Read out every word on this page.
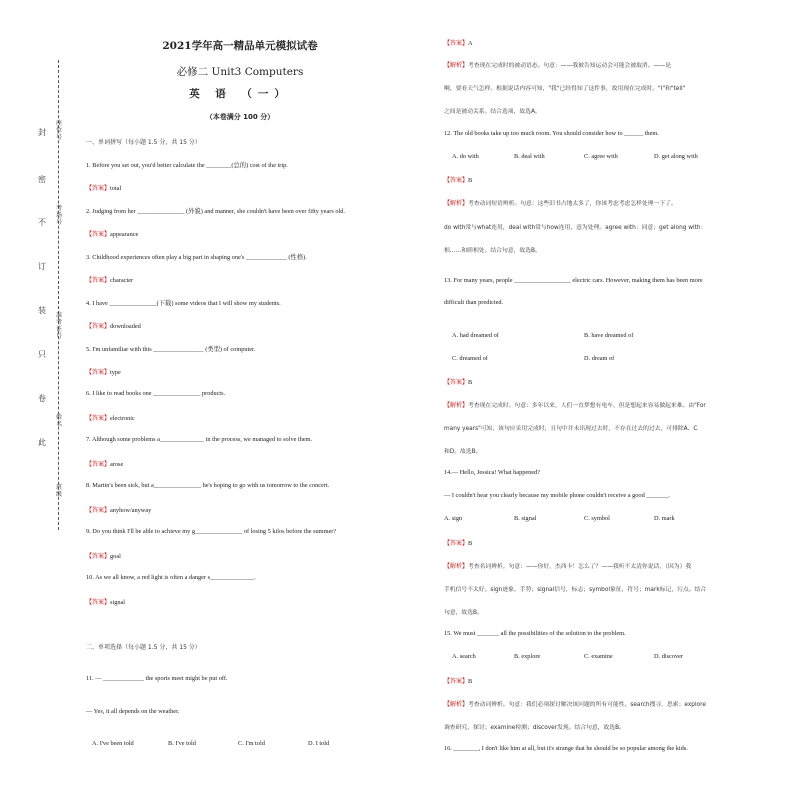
封
密
不
订
装
只
卷
此
座位号
考场号
准考证号
姓名
班级
2021学年高一精品单元模拟试卷
必修二 Unit3 Computers
英 语 （一）
（本卷满分 100 分）
一、单词拼写（每小题 1.5 分，共 15 分）
1. Before you set out, you'd better calculate the ________(总的) cost of the trip.
【答案】total
2. Judging from her _______________ (外貌) and manner, she couldn't have been over fifty years old.
【答案】appearance
3. Childhood experiences often play a big part in shaping one's _____________ (性格).
【答案】character
4. I have _______________(下载) some videos that I will show my students.
【答案】downloaded
5. I'm unfamiliar with this ________________ (类型) of computer.
【答案】type
6. I like to read books one _______________ products.
【答案】electronic
7. Although some problems a______________ in the process, we managed to solve them.
【答案】arose
8. Martin's been sick, but a_______________ he's hoping to go with us tomorrow to the concert.
【答案】anyhow/anyway
9. Do you think I'll be able to achieve my g_______________ of losing 5 kilos before the summer?
【答案】goal
10. As we all know, a red light is often a danger s______________.
【答案】signal
二、单项选择（每小题 1.5 分，共 15 分）
11. — _____________ the sports meet might be put off.
— Yes, it all depends on the weather.
A. I've been told	B. I've told	C. I'm told	D. I told
【答案】A
【解析】考查现在完成时的被动语态。句意：——我被告知运动会可能会被取消。——是
啊，要看天气怎样。根据说话内容可知，"我"已经得知了这件事，故用现在完成时。"I"和"tell"
之间是被动关系。结合选项，故选A。
12. The old books take up too much room. You should consider how to ______ them.
A. do with	B. deal with	C. agree with	D. get along with
【答案】B
【解析】考查动词短语辨析。句意：这些旧书占地太多了，你该考虑考虑怎样处理一下了。
do with常与what连用，deal with常与how连用，意为处理。agree with：同意；get along with：
相……和睦相处。结合句意，故选B。
13. For many years, people __________________ electric cars. However, making them has been more
difficult than predicted.
A. had dreamed of	B. have dreamed of
C. dreamed of	D. dream of
【答案】B
【解析】考查现在完成时。句意：多年以来，人们一直梦想有电车，但是想起来容易做起来难。由"For
many years"可知，该句应采用完成时，且句中并未出现过去时，不存在过去的过去，可排除A、C
和D。故选B。
14.— Hello, Jessica! What happened?
— I couldn't hear you clearly because my mobile phone couldn't receive a good _______.
A. sign	B. signal	C. symbol	D. mark
【答案】B
【解析】考查名词辨析。句意：——你好，杰西卡！怎么了？——我听不太清你说话，（因为）我
手机信号不太好。sign迹象，手势；signal信号，标志；symbol象征，符号；mark标记，污点。结合
句意，故选B。
15. We must _______ all the possibilities of the solution to the problem.
A. search	B. explore	C. examine	D. discover
【答案】B
【解析】考查动词辨析。句意：我们必须探讨解决该问题的所有可能性。search搜寻，思索；explore
调查研究，探讨；examine检测；discover发现。结合句意，故选B。
16. ________, I don't like him at all, but it's strange that he should be so popular among the kids.
